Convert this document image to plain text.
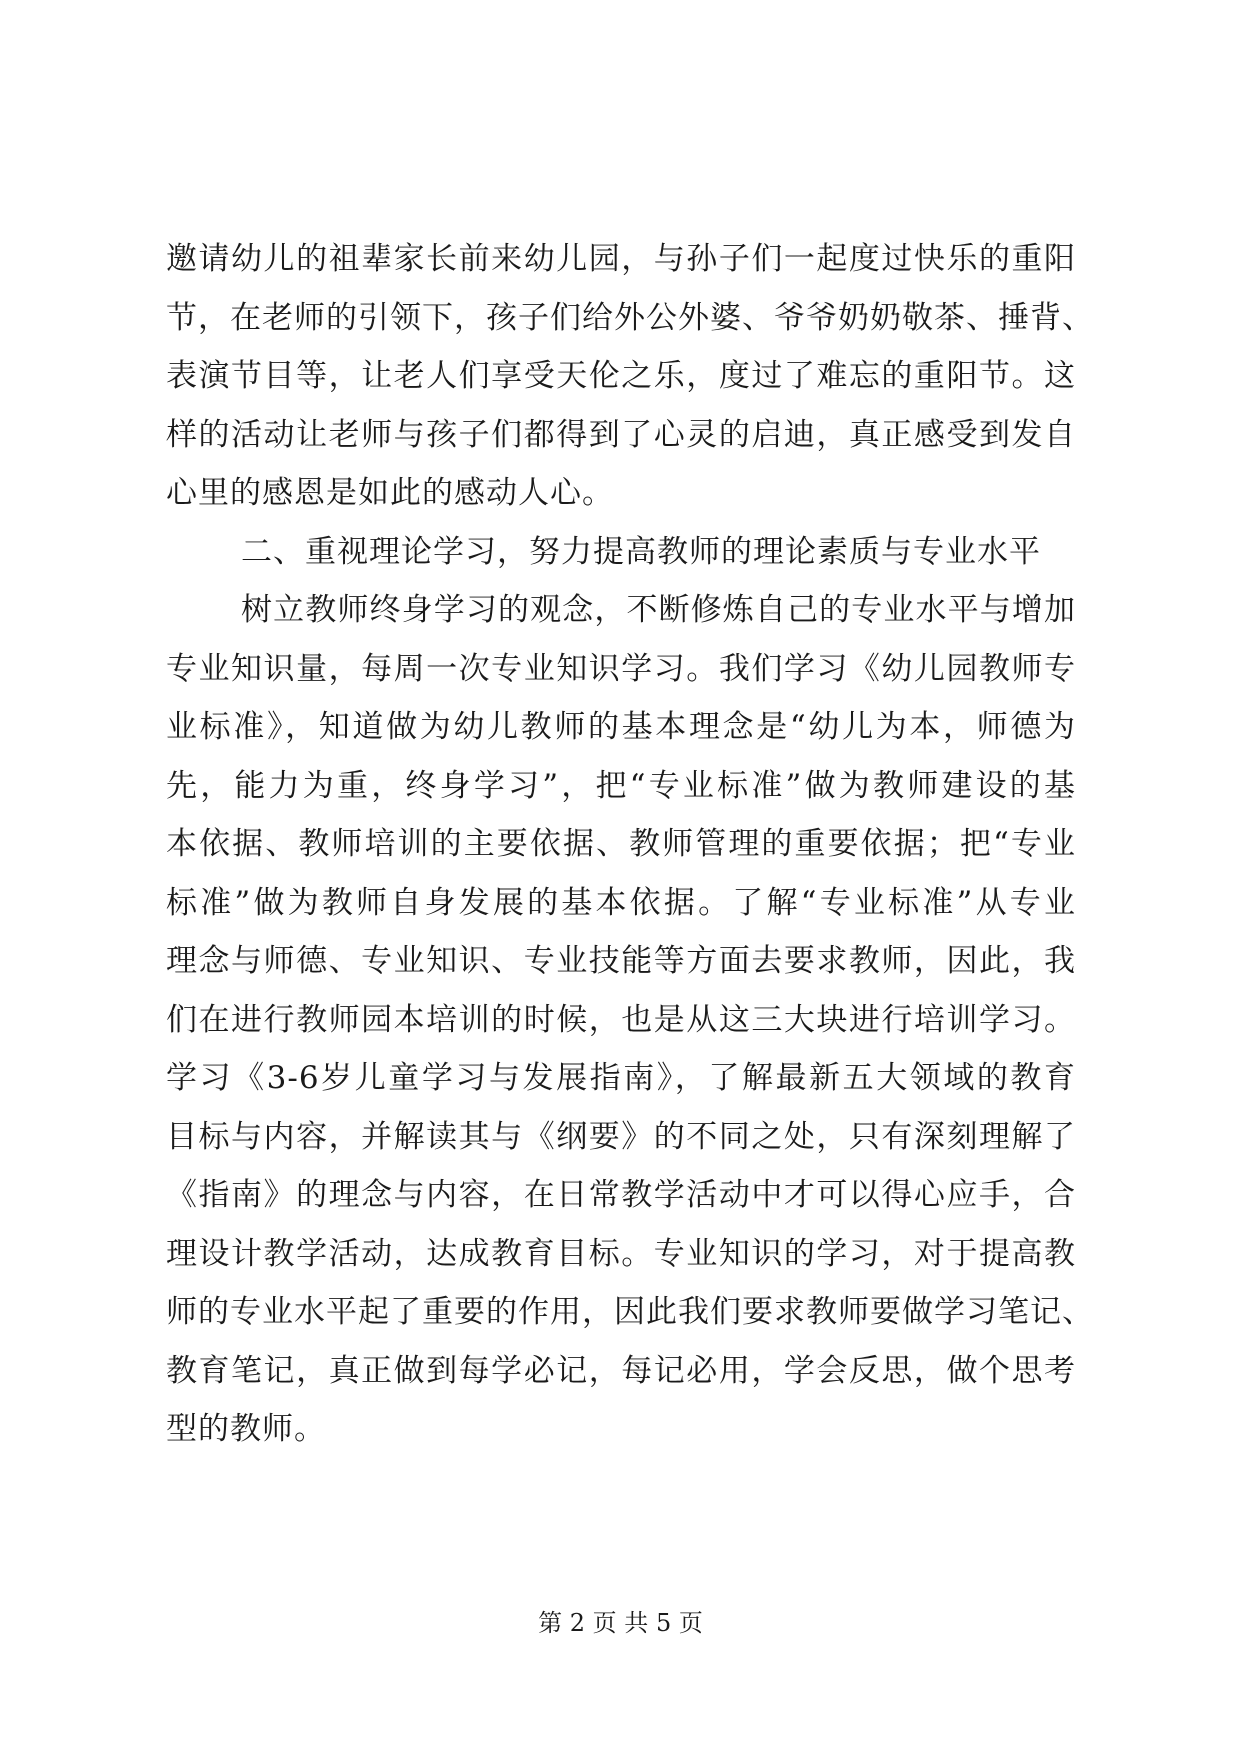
邀请幼儿的祖辈家长前来幼儿园，与孙子们一起度过快乐的重阳
节，在老师的引领下，孩子们给外公外婆、爷爷奶奶敬茶、捶背、
表演节目等，让老人们享受天伦之乐，度过了难忘的重阳节。这
样的活动让老师与孩子们都得到了心灵的启迪，真正感受到发自
心里的感恩是如此的感动人心。
二、重视理论学习，努力提高教师的理论素质与专业水平
树立教师终身学习的观念，不断修炼自己的专业水平与增加
专业知识量，每周一次专业知识学习。我们学习《幼儿园教师专
业标准》，知道做为幼儿教师的基本理念是“幼儿为本，师德为
先，能力为重，终身学习”，把“专业标准”做为教师建设的基
本依据、教师培训的主要依据、教师管理的重要依据；把“专业
标准”做为教师自身发展的基本依据。了解“专业标准”从专业
理念与师德、专业知识、专业技能等方面去要求教师，因此，我
们在进行教师园本培训的时候，也是从这三大块进行培训学习。
学习《3-6岁儿童学习与发展指南》，了解最新五大领域的教育
目标与内容，并解读其与《纲要》的不同之处，只有深刻理解了
《指南》的理念与内容，在日常教学活动中才可以得心应手，合
理设计教学活动，达成教育目标。专业知识的学习，对于提高教
师的专业水平起了重要的作用，因此我们要求教师要做学习笔记、
教育笔记，真正做到每学必记，每记必用，学会反思，做个思考
型的教师。
第 2 页 共 5 页
